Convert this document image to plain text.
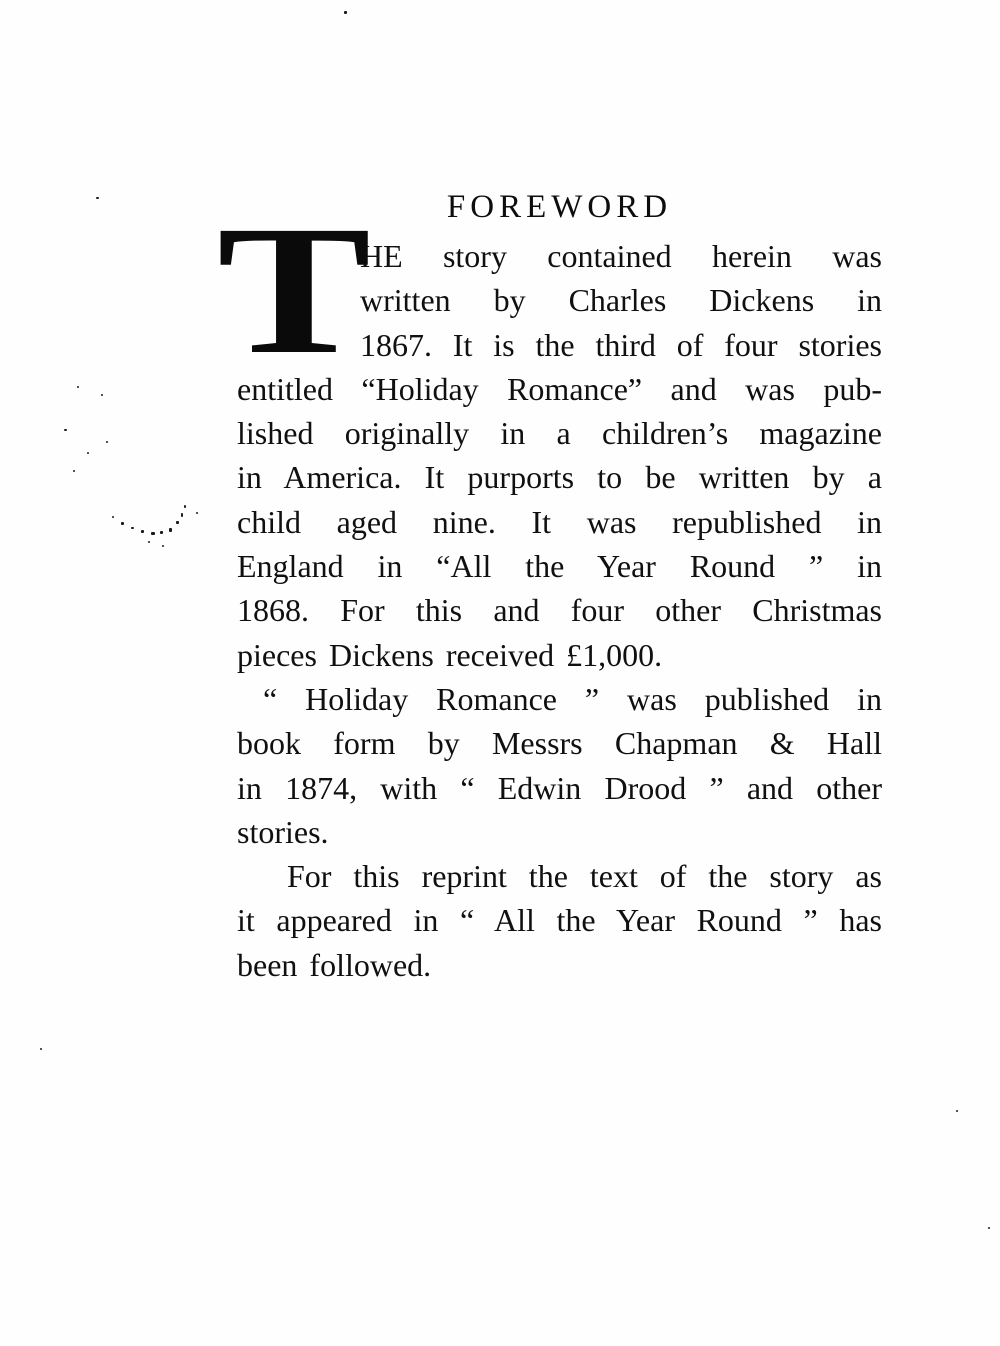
FOREWORD
T
HE story contained herein was
written by Charles Dickens in
1867. It is the third of four stories
entitled “Holiday Romance” and was pub-
lished originally in a children’s magazine
in America. It purports to be written by a
child aged nine. It was republished in
England in “All the Year Round ” in
1868. For this and four other Christmas
pieces Dickens received £1,000.
“ Holiday Romance ” was published in
book form by Messrs Chapman & Hall
in 1874, with “ Edwin Drood ” and other
stories.
For this reprint the text of the story as
it appeared in “ All the Year Round ” has
been followed.
